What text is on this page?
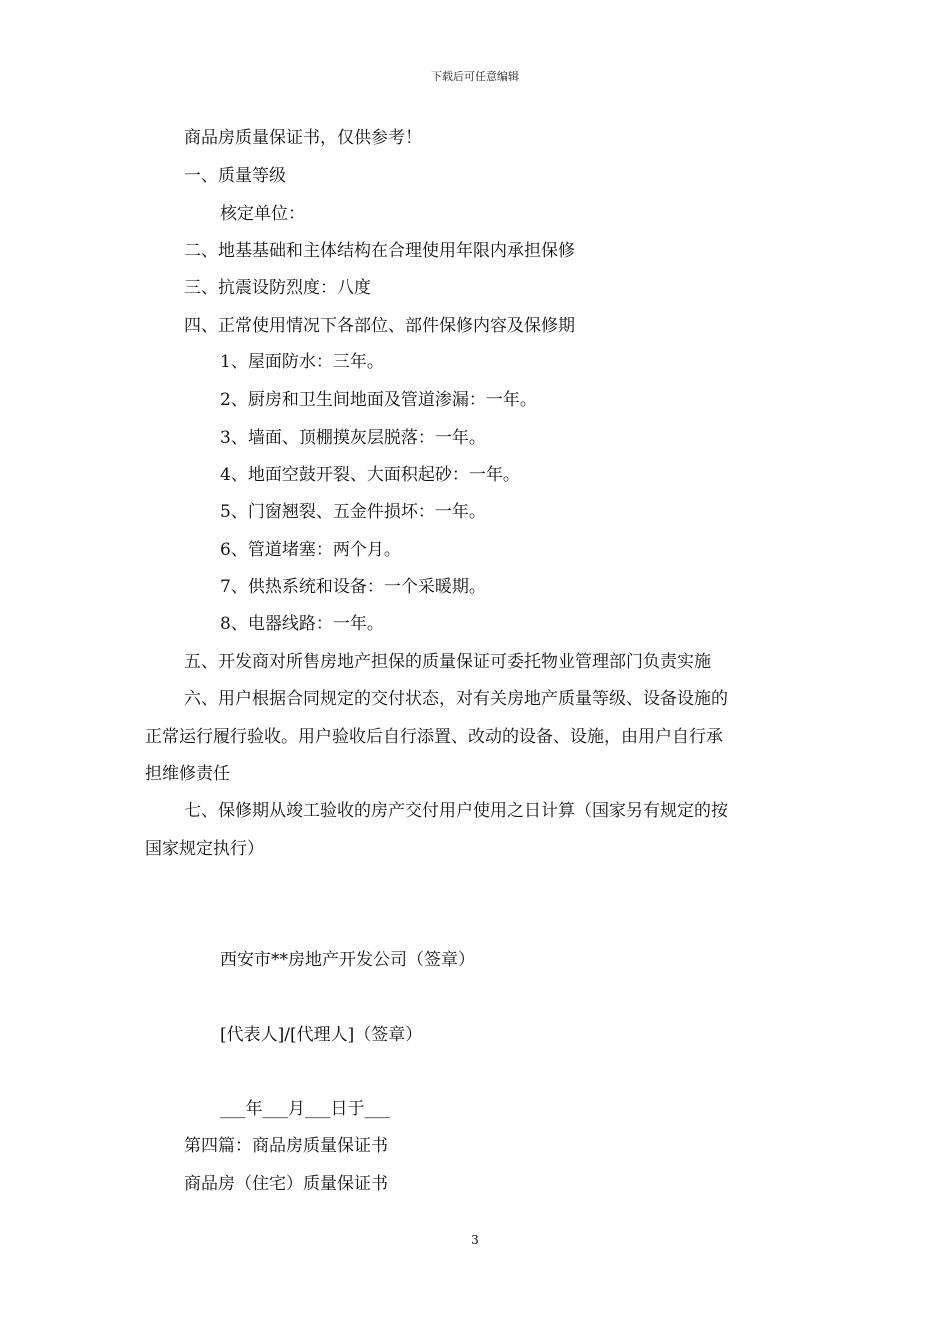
下载后可任意编辑
商品房质量保证书，仅供参考！
一、质量等级
核定单位：
二、地基基础和主体结构在合理使用年限内承担保修
三、抗震设防烈度：八度
四、正常使用情况下各部位、部件保修内容及保修期
1、屋面防水：三年。
2、厨房和卫生间地面及管道渗漏：一年。
3、墙面、顶棚摸灰层脱落：一年。
4、地面空鼓开裂、大面积起砂：一年。
5、门窗翘裂、五金件损坏：一年。
6、管道堵塞：两个月。
7、供热系统和设备：一个采暖期。
8、电器线路：一年。
五、开发商对所售房地产担保的质量保证可委托物业管理部门负责实施
六、用户根据合同规定的交付状态，对有关房地产质量等级、设备设施的
正常运行履行验收。用户验收后自行添置、改动的设备、设施，由用户自行承
担维修责任
七、保修期从竣工验收的房产交付用户使用之日计算（国家另有规定的按
国家规定执行）
西安市**房地产开发公司（签章）
[代表人]/[代理人]（签章）
___年___月___日于___
第四篇：商品房质量保证书
商品房（住宅）质量保证书
3
